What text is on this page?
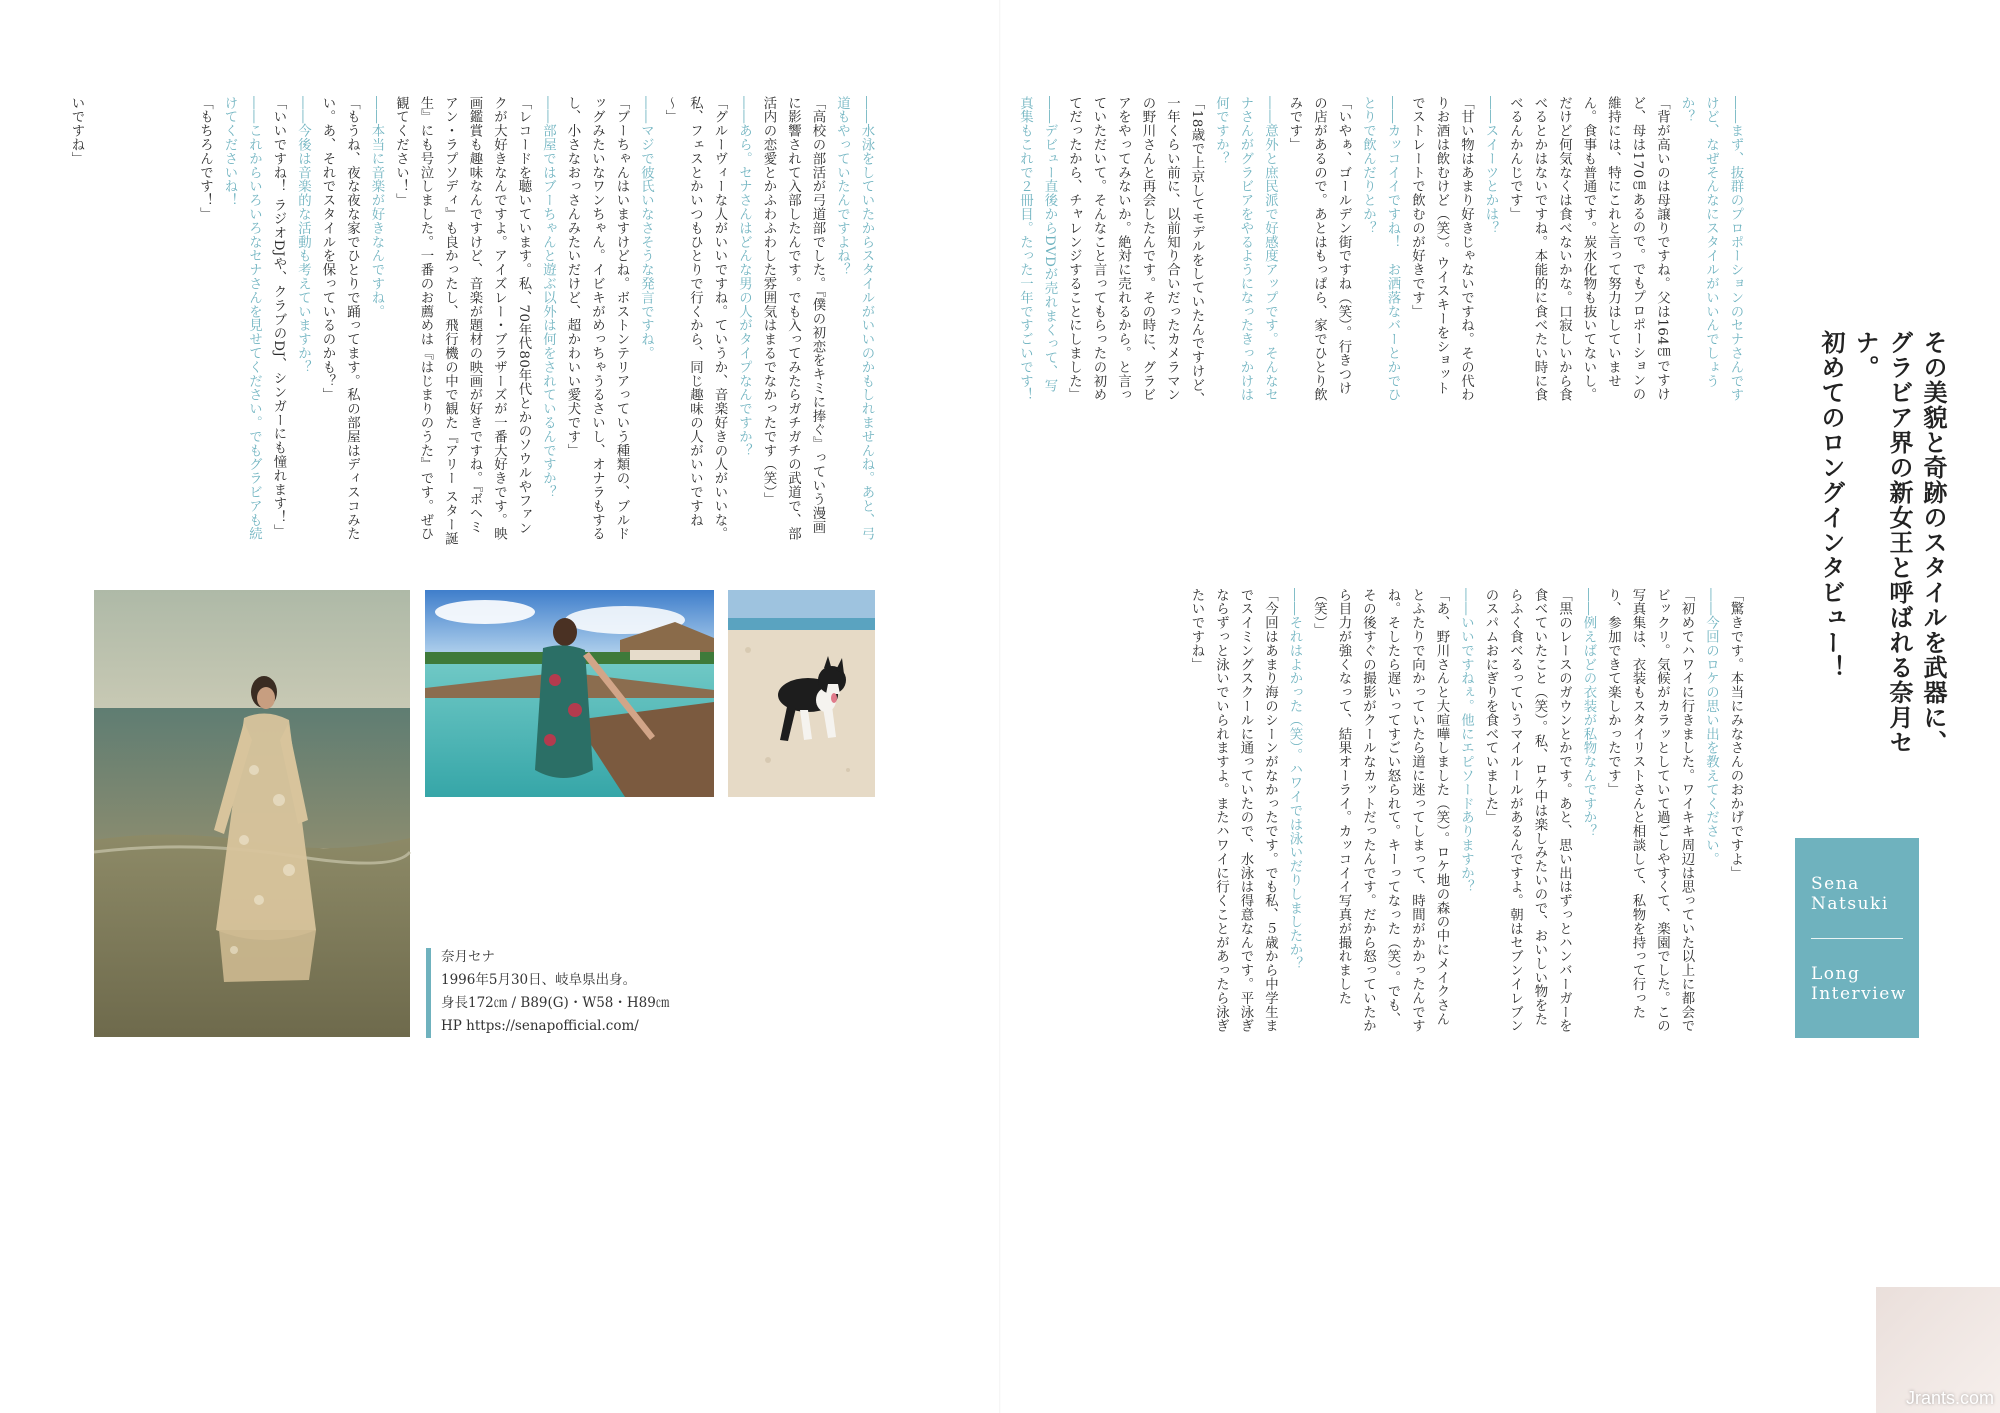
その美貌と奇跡のスタイルを武器に、
グラビア界の新女王と呼ばれる奈月セナ。
初めてのロングインタビュー！
Sena
Natsuki
Long
Interview

――まず、抜群のプロポーションのセナさんですけど、なぜそんなにスタイルがいいんでしょうか？

「背が高いのは母譲りですね。父は164㎝ですけど、母は170㎝あるので。でもプロポーションの維持には、特にこれと言って努力はしていません。食事も普通です。炭水化物も抜いてないし。だけど何気なくは食べないかな。口寂しいから食べるとかはないですね。本能的に食べたい時に食べるんかんじです」

――スイーツとかは？

「甘い物はあまり好きじゃないですね。その代わりお酒は飲むけど（笑）。ウイスキーをショットでストレートで飲むのが好きです」

――カッコイイですね！　お洒落なバーとかでひとりで飲んだりとか？

「いやぁ、ゴールデン街ですね（笑）。行きつけの店があるので。あとはもっぱら、家でひとり飲みです」

――意外と庶民派で好感度アップです。そんなセナさんがグラビアをやるようになったきっかけは何ですか？

「18歳で上京してモデルをしていたんですけど、一年くらい前に、以前知り合いだったカメラマンの野川さんと再会したんです。その時に、グラビアをやってみないか。絶対に売れるから。と言っていただいて。そんなこと言ってもらったの初めてだったから、チャレンジすることにしました」

――デビュー直後からDVDが売れまくって、写真集もこれで２冊目。たった一年ですごいです！

「驚きです。本当にみなさんのおかげですよ」

――今回のロケの思い出を教えてください。

「初めてハワイに行きました。ワイキキ周辺は思っていた以上に都会でビックリ。気候がカラッとしていて過ごしやすくて、楽園でした。この写真集は、衣装もスタイリストさんと相談して、私物を持って行ったり、参加できて楽しかったです」

――例えばどの衣装が私物なんですか？

「黒のレースのガウンとかです。あと、思い出はずっとハンバーガーを食べていたこと（笑）。私、ロケ中は楽しみたいので、おいしい物をたらふく食べるっていうマイルールがあるんですよ。朝はセブンイレブンのスパムおにぎりを食べていました」

――いいですねぇ。他にエピソードありますか？

「あ、野川さんと大喧嘩しました（笑）。ロケ地の森の中にメイクさんとふたりで向かっていたら道に迷ってしまって、時間がかかったんですね。そしたら遅いってすごい怒られて。キーってなった（笑）。でも、その後すぐの撮影がクールなカットだったんです。だから怒っていたから目力が強くなって、結果オーライ。カッコイイ写真が撮れました（笑）」

――それはよかった（笑）。ハワイでは泳いだりしましたか？

「今回はあまり海のシーンがなかったです。でも私、５歳から中学生までスイミングスクールに通っていたので、水泳は得意なんです。平泳ぎならずっと泳いでいられますよ。またハワイに行くことがあったら泳ぎたいですね」

――水泳をしていたからスタイルがいいのかもしれませんね。あと、弓道もやっていたんですよね？

「高校の部活が弓道部でした。『僕の初恋をキミに捧ぐ』っていう漫画に影響されて入部したんです。でも入ってみたらガチガチの武道で、部活内の恋愛とかふわふわした雰囲気はまるでなかったです（笑）」

――あら。セナさんはどんな男の人がタイプなんですか？

「グルーヴィーな人がいいですね。ていうか、音楽好きの人がいいな。私、フェスとかいつもひとりで行くから、同じ趣味の人がいいですね～」

――マジで彼氏いなさそうな発言ですね。

「ブーちゃんはいますけどね。ボストンテリアっていう種類の、ブルドッグみたいなワンちゃん。イビキがめっちゃうるさいし、オナラもするし、小さなおっさんみたいだけど、超かわいい愛犬です」

――部屋ではブーちゃんと遊ぶ以外は何をされているんですか？

「レコードを聴いています。私、70年代80年代とかのソウルやファンクが大好きなんですよ。アイズレー・ブラザーズが一番大好きです。映画鑑賞も趣味なんですけど、音楽が題材の映画が好きですね。『ボヘミアン・ラプソディ』も良かったし、飛行機の中で観た『アリー スター誕生』にも号泣しました。一番のお薦めは『はじまりのうた』です。ぜひ観てください！」

――本当に音楽が好きなんですね。

「もうね、夜な夜な家でひとりで踊ってます。私の部屋はディスコみたい。あ、それでスタイルを保っているのかも？」

――今後は音楽的な活動も考えていますか？

「いいですね！ ラジオDJや、クラブのDJ、シンガーにも憧れます！」

――これからいろいろなセナさんを見せてください。でもグラビアも続けてくださいね！

「もちろんです！」

いですね」

奈月セナ
1996年5月30日、岐阜県出身。
身長172㎝ / B89(G)・W58・H89㎝
HP https://senapofficial.com/
Jrants.com
